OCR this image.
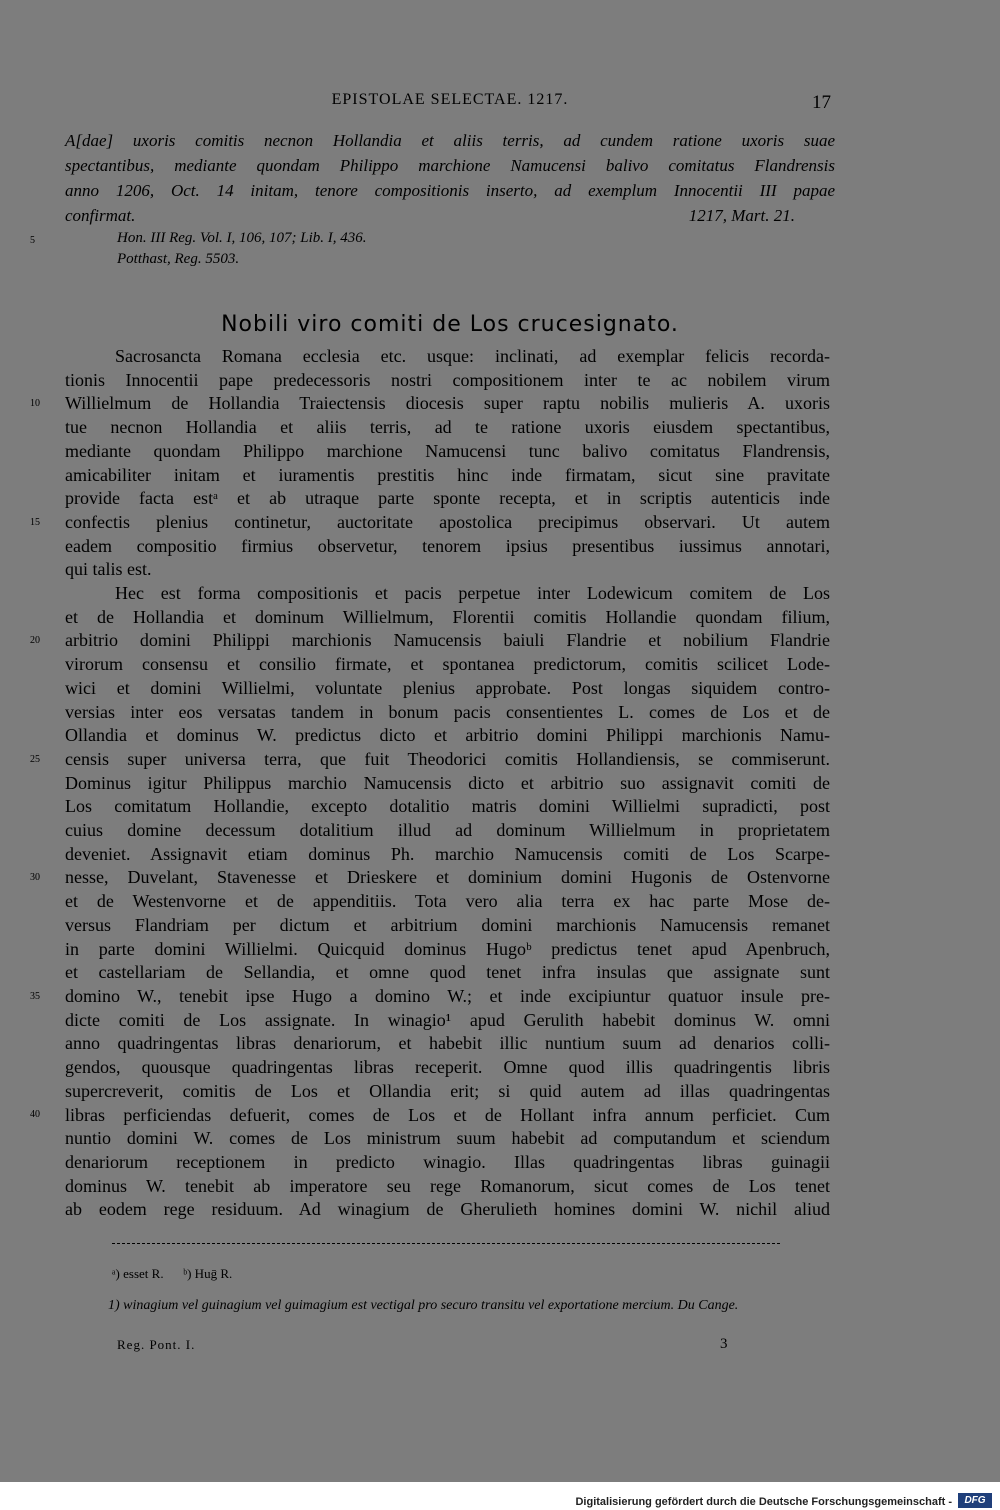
EPISTOLAE SELECTAE. 1217.	17
A[dae] uxoris comitis necnon Hollandia et aliis terris, ad cundem ratione uxoris suae
spectantibus, mediante quondam Philippo marchione Namucensi balivo comitatus Flandrensis
anno 1206, Oct. 14 initam, tenore compositionis inserto, ad exemplum Innocentii III papae
confirmat.	1217, Mart. 21.
Hon. III Reg. Vol. I, 106, 107; Lib. I, 436.
Potthast, Reg. 5503.
Nobili viro comiti de Los crucesignato.
Sacrosancta Romana ecclesia etc. usque: inclinati, ad exemplar felicis recorda-
tionis Innocentii pape predecessoris nostri compositionem inter te ac nobilem virum
Willielmum de Hollandia Traiectensis diocesis super raptu nobilis mulieris A. uxoris
tue necnon Hollandia et aliis terris, ad te ratione uxoris eiusdem spectantibus,
mediante quondam Philippo marchione Namucensi tunc balivo comitatus Flandrensis,
amicabiliter initam et iuramentis prestitis hinc inde firmatam, sicut sine pravitate
provide facta estᵃ et ab utraque parte sponte recepta, et in scriptis autenticis inde
confectis plenius continetur, auctoritate apostolica precipimus observari. Ut autem
eadem compositio firmius observetur, tenorem ipsius presentibus iussimus annotari,
qui talis est.
Hec est forma compositionis et pacis perpetue inter Lodewicum comitem de Los
et de Hollandia et dominum Willielmum, Florentii comitis Hollandie quondam filium,
arbitrio domini Philippi marchionis Namucensis baiuli Flandrie et nobilium Flandrie
virorum consensu et consilio firmate, et spontanea predictorum, comitis scilicet Lode-
wici et domini Willielmi, voluntate plenius approbate. Post longas siquidem contro-
versias inter eos versatas tandem in bonum pacis consentientes L. comes de Los et de
Ollandia et dominus W. predictus dicto et arbitrio domini Philippi marchionis Namu-
censis super universa terra, que fuit Theodorici comitis Hollandiensis, se commiserunt.
Dominus igitur Philippus marchio Namucensis dicto et arbitrio suo assignavit comiti de
Los comitatum Hollandie, excepto dotalitio matris domini Willielmi supradicti, post
cuius domine decessum dotalitium illud ad dominum Willielmum in proprietatem
deveniet. Assignavit etiam dominus Ph. marchio Namucensis comiti de Los Scarpe-
nesse, Duvelant, Stavenesse et Drieskere et dominium domini Hugonis de Ostenvorne
et de Westenvorne et de appenditiis. Tota vero alia terra ex hac parte Mose de-
versus Flandriam per dictum et arbitrium domini marchionis Namucensis remanet
in parte domini Willielmi. Quicquid dominus Hugoᵇ predictus tenet apud Apenbruch,
et castellariam de Sellandia, et omne quod tenet infra insulas que assignate sunt
domino W., tenebit ipse Hugo a domino W.; et inde excipiuntur quatuor insule pre-
dicte comiti de Los assignate. In winagio¹ apud Gerulith habebit dominus W. omni
anno quadringentas libras denariorum, et habebit illic nuntium suum ad denarios colli-
gendos, quousque quadringentas libras receperit. Omne quod illis quadringentis libris
supercreverit, comitis de Los et Ollandia erit; si quid autem ad illas quadringentas
libras perficiendas defuerit, comes de Los et de Hollant infra annum perficiet. Cum
nuntio domini W. comes de Los ministrum suum habebit ad computandum et sciendum
denariorum receptionem in predicto winagio. Illas quadringentas libras guinagii
dominus W. tenebit ab imperatore seu rege Romanorum, sicut comes de Los tenet
ab eodem rege residuum. Ad winagium de Gherulieth homines domini W. nichil aliud
5
10
15
20
25
30
35
40
ᵃ) esset R.      ᵇ) Huḡ R.
1) winagium vel guinagium vel guimagium est vectigal pro securo transitu vel exportatione mercium. Du Cange.
Reg. Pont. I.	3
Digitalisierung gefördert durch die Deutsche Forschungsgemeinschaft -	DFG
